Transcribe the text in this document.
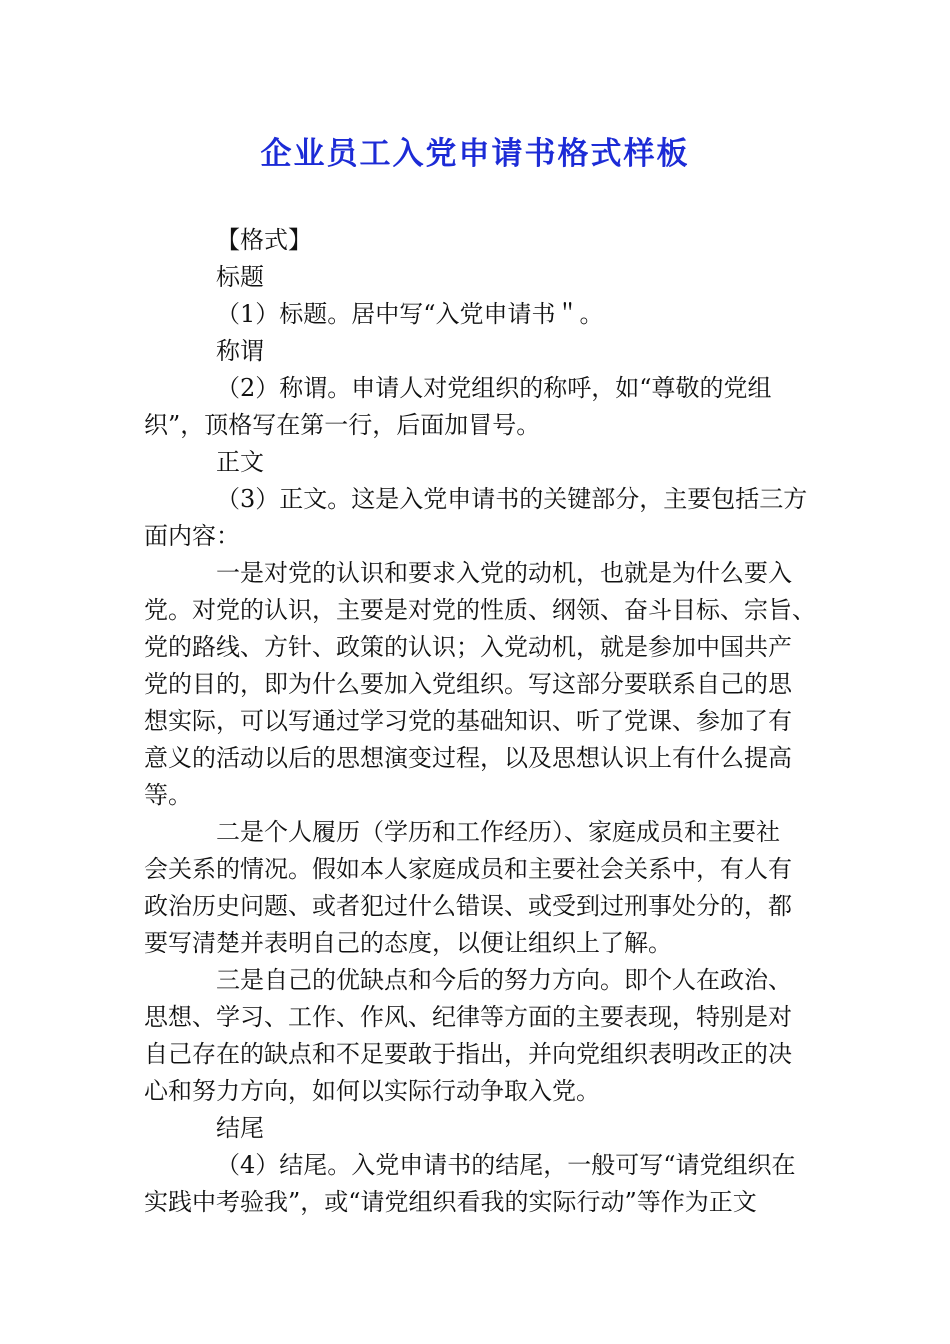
企业员工入党申请书格式样板
【格式】
标题
（1）标题。居中写“入党申请书＂。
称谓
（2）称谓。申请人对党组织的称呼，如“尊敬的党组
织”，顶格写在第一行，后面加冒号。
正文
（3）正文。这是入党申请书的关键部分，主要包括三方
面内容：
一是对党的认识和要求入党的动机，也就是为什么要入
党。对党的认识，主要是对党的性质、纲领、奋斗目标、宗旨、
党的路线、方针、政策的认识；入党动机，就是参加中国共产
党的目的，即为什么要加入党组织。写这部分要联系自己的思
想实际，可以写通过学习党的基础知识、听了党课、参加了有
意义的活动以后的思想演变过程，以及思想认识上有什么提高
等。
二是个人履历（学历和工作经历）、家庭成员和主要社
会关系的情况。假如本人家庭成员和主要社会关系中，有人有
政治历史问题、或者犯过什么错误、或受到过刑事处分的，都
要写清楚并表明自己的态度，以便让组织上了解。
三是自己的优缺点和今后的努力方向。即个人在政治、
思想、学习、工作、作风、纪律等方面的主要表现，特别是对
自己存在的缺点和不足要敢于指出，并向党组织表明改正的决
心和努力方向，如何以实际行动争取入党。
结尾
（4）结尾。入党申请书的结尾，一般可写“请党组织在
实践中考验我”，或“请党组织看我的实际行动”等作为正文
